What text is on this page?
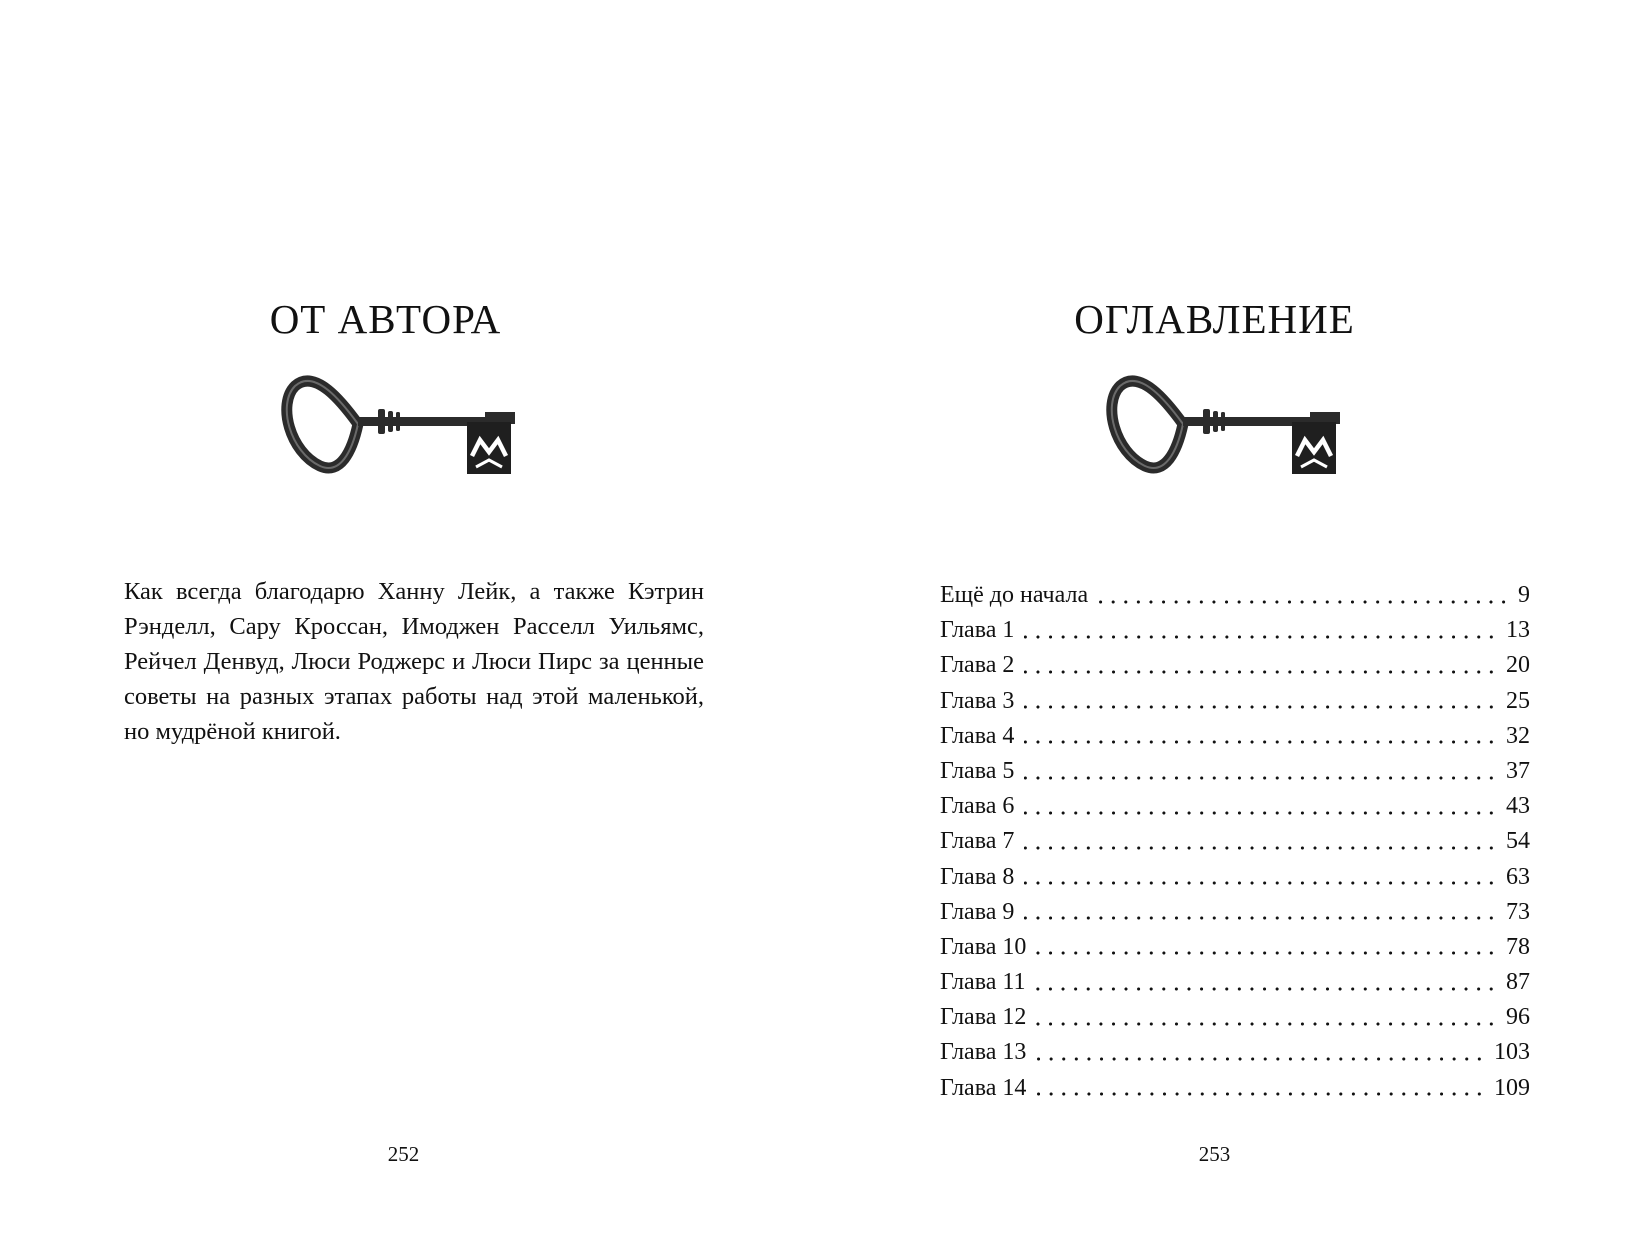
ОТ АВТОРА

Как всегда благодарю Ханну Лейк, а также Кэтрин Рэнделл, Сару Кроссан, Имоджен Расселл Уильямс, Рейчел Денвуд, Люси Роджерс и Люси Пирс за ценные советы на разных этапах работы над этой маленькой, но мудрёной книгой.

252
ОГЛАВЛЕНИЕ
Ещё до начала	9
Глава 1	13
Глава 2	20
Глава 3	25
Глава 4	32
Глава 5	37
Глава 6	43
Глава 7	54
Глава 8	63
Глава 9	73
Глава 10	78
Глава 11	87
Глава 12	96
Глава 13	103
Глава 14	109
253
